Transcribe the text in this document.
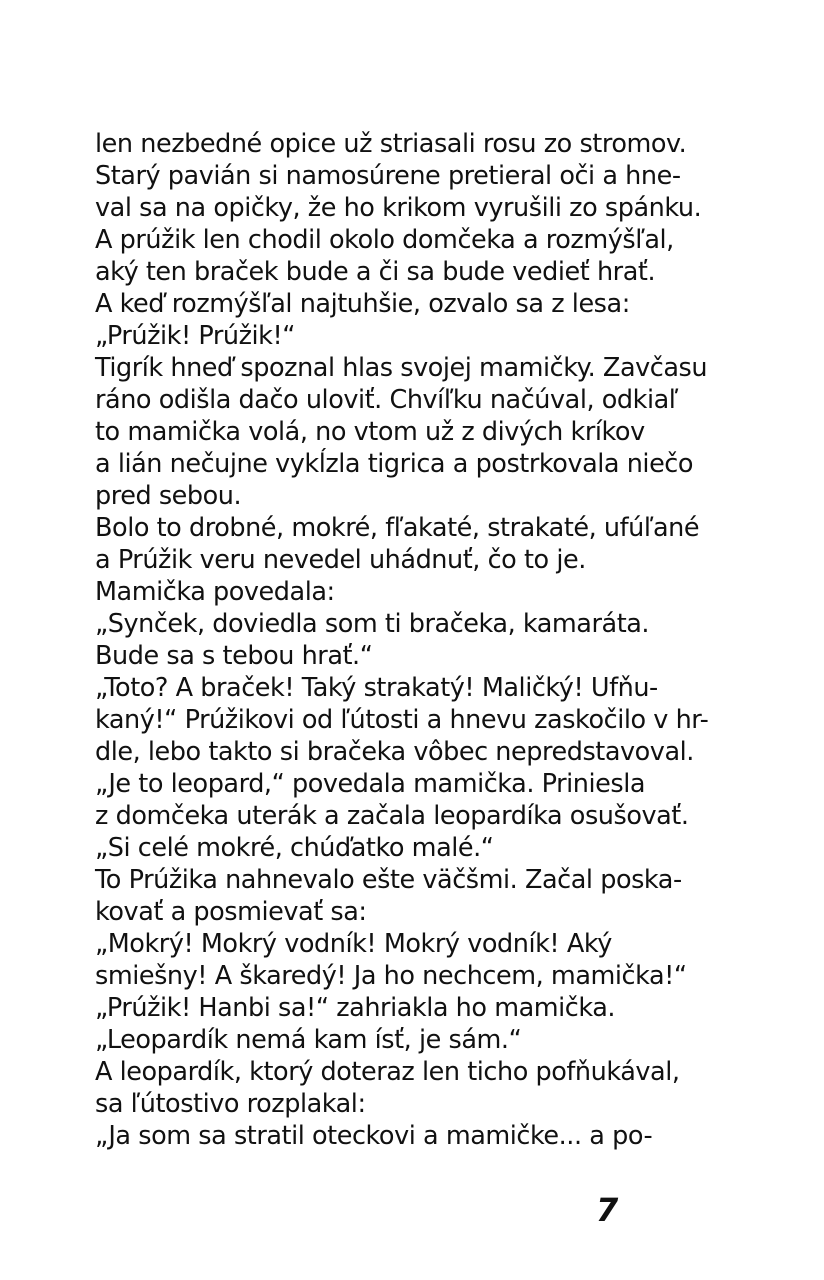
len nezbedné opice už striasali rosu zo stromov.
Starý pavián si namosúrene pretieral oči a hne-
val sa na opičky, že ho krikom vyrušili zo spánku.
A prúžik len chodil okolo domčeka a rozmýšľal,
aký ten braček bude a či sa bude vedieť hrať.
A keď rozmýšľal najtuhšie, ozvalo sa z lesa:
„Prúžik! Prúžik!“
Tigrík hneď spoznal hlas svojej mamičky. Zavčasu
ráno odišla dačo uloviť. Chvíľku načúval, odkiaľ
to mamička volá, no vtom už z divých kríkov
a lián nečujne vykĺzla tigrica a postrkovala niečo
pred sebou.
Bolo to drobné, mokré, fľakaté, strakaté, ufúľané
a Prúžik veru nevedel uhádnuť, čo to je.
Mamička povedala:
„Synček, doviedla som ti bračeka, kamaráta.
Bude sa s tebou hrať.“
„Toto? A braček! Taký strakatý! Maličký! Ufňu-
kaný!“ Prúžikovi od ľútosti a hnevu zaskočilo v hr-
dle, lebo takto si bračeka vôbec nepredstavoval.
„Je to leopard,“ povedala mamička. Priniesla
z domčeka uterák a začala leopardíka osušovať.
„Si celé mokré, chúďatko malé.“
To Prúžika nahnevalo ešte väčšmi. Začal poska-
kovať a posmievať sa:
„Mokrý! Mokrý vodník! Mokrý vodník! Aký
smiešny! A škaredý! Ja ho nechcem, mamička!“
„Prúžik! Hanbi sa!“ zahriakla ho mamička.
„Leopardík nemá kam ísť, je sám.“
A leopardík, ktorý doteraz len ticho pofňukával,
sa ľútostivo rozplakal:
„Ja som sa stratil oteckovi a mamičke... a po-
7
